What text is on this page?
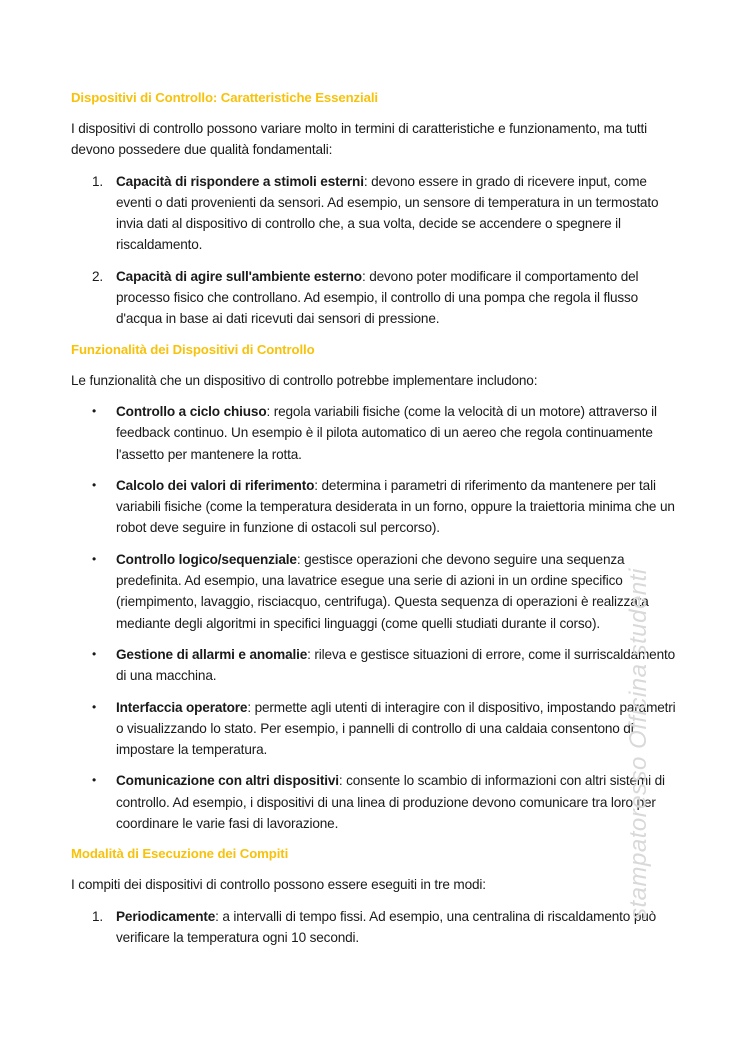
Dispositivi di Controllo: Caratteristiche Essenziali
I dispositivi di controllo possono variare molto in termini di caratteristiche e funzionamento, ma tutti devono possedere due qualità fondamentali:
1. Capacità di rispondere a stimoli esterni: devono essere in grado di ricevere input, come eventi o dati provenienti da sensori. Ad esempio, un sensore di temperatura in un termostato invia dati al dispositivo di controllo che, a sua volta, decide se accendere o spegnere il riscaldamento.
2. Capacità di agire sull'ambiente esterno: devono poter modificare il comportamento del processo fisico che controllano. Ad esempio, il controllo di una pompa che regola il flusso d'acqua in base ai dati ricevuti dai sensori di pressione.
Funzionalità dei Dispositivi di Controllo
Le funzionalità che un dispositivo di controllo potrebbe implementare includono:
• Controllo a ciclo chiuso: regola variabili fisiche (come la velocità di un motore) attraverso il feedback continuo. Un esempio è il pilota automatico di un aereo che regola continuamente l'assetto per mantenere la rotta.
• Calcolo dei valori di riferimento: determina i parametri di riferimento da mantenere per tali variabili fisiche (come la temperatura desiderata in un forno, oppure la traiettoria minima che un robot deve seguire in funzione di ostacoli sul percorso).
• Controllo logico/sequenziale: gestisce operazioni che devono seguire una sequenza predefinita. Ad esempio, una lavatrice esegue una serie di azioni in un ordine specifico (riempimento, lavaggio, risciacquo, centrifuga). Questa sequenza di operazioni è realizzata mediante degli algoritmi in specifici linguaggi (come quelli studiati durante il corso).
• Gestione di allarmi e anomalie: rileva e gestisce situazioni di errore, come il surriscaldamento di una macchina.
• Interfaccia operatore: permette agli utenti di interagire con il dispositivo, impostando parametri o visualizzando lo stato. Per esempio, i pannelli di controllo di una caldaia consentono di impostare la temperatura.
• Comunicazione con altri dispositivi: consente lo scambio di informazioni con altri sistemi di controllo. Ad esempio, i dispositivi di una linea di produzione devono comunicare tra loro per coordinare le varie fasi di lavorazione.
Modalità di Esecuzione dei Compiti
I compiti dei dispositivi di controllo possono essere eseguiti in tre modi:
1. Periodicamente: a intervalli di tempo fissi. Ad esempio, una centralina di riscaldamento può verificare la temperatura ogni 10 secondi.
stampatoresso Officina studenti
